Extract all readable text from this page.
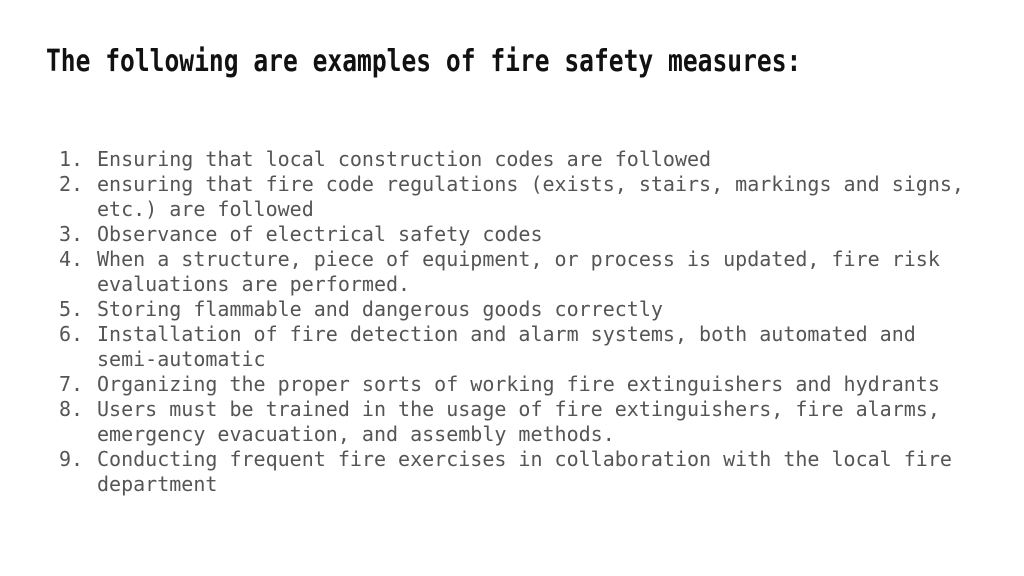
The following are examples of fire safety measures:
1. Ensuring that local construction codes are followed
2. ensuring that fire code regulations (exists, stairs, markings and signs, etc.) are followed
3. Observance of electrical safety codes
4. When a structure, piece of equipment, or process is updated, fire risk evaluations are performed.
5. Storing flammable and dangerous goods correctly
6. Installation of fire detection and alarm systems, both automated and semi-automatic
7. Organizing the proper sorts of working fire extinguishers and hydrants
8. Users must be trained in the usage of fire extinguishers, fire alarms, emergency evacuation, and assembly methods.
9. Conducting frequent fire exercises in collaboration with the local fire department
